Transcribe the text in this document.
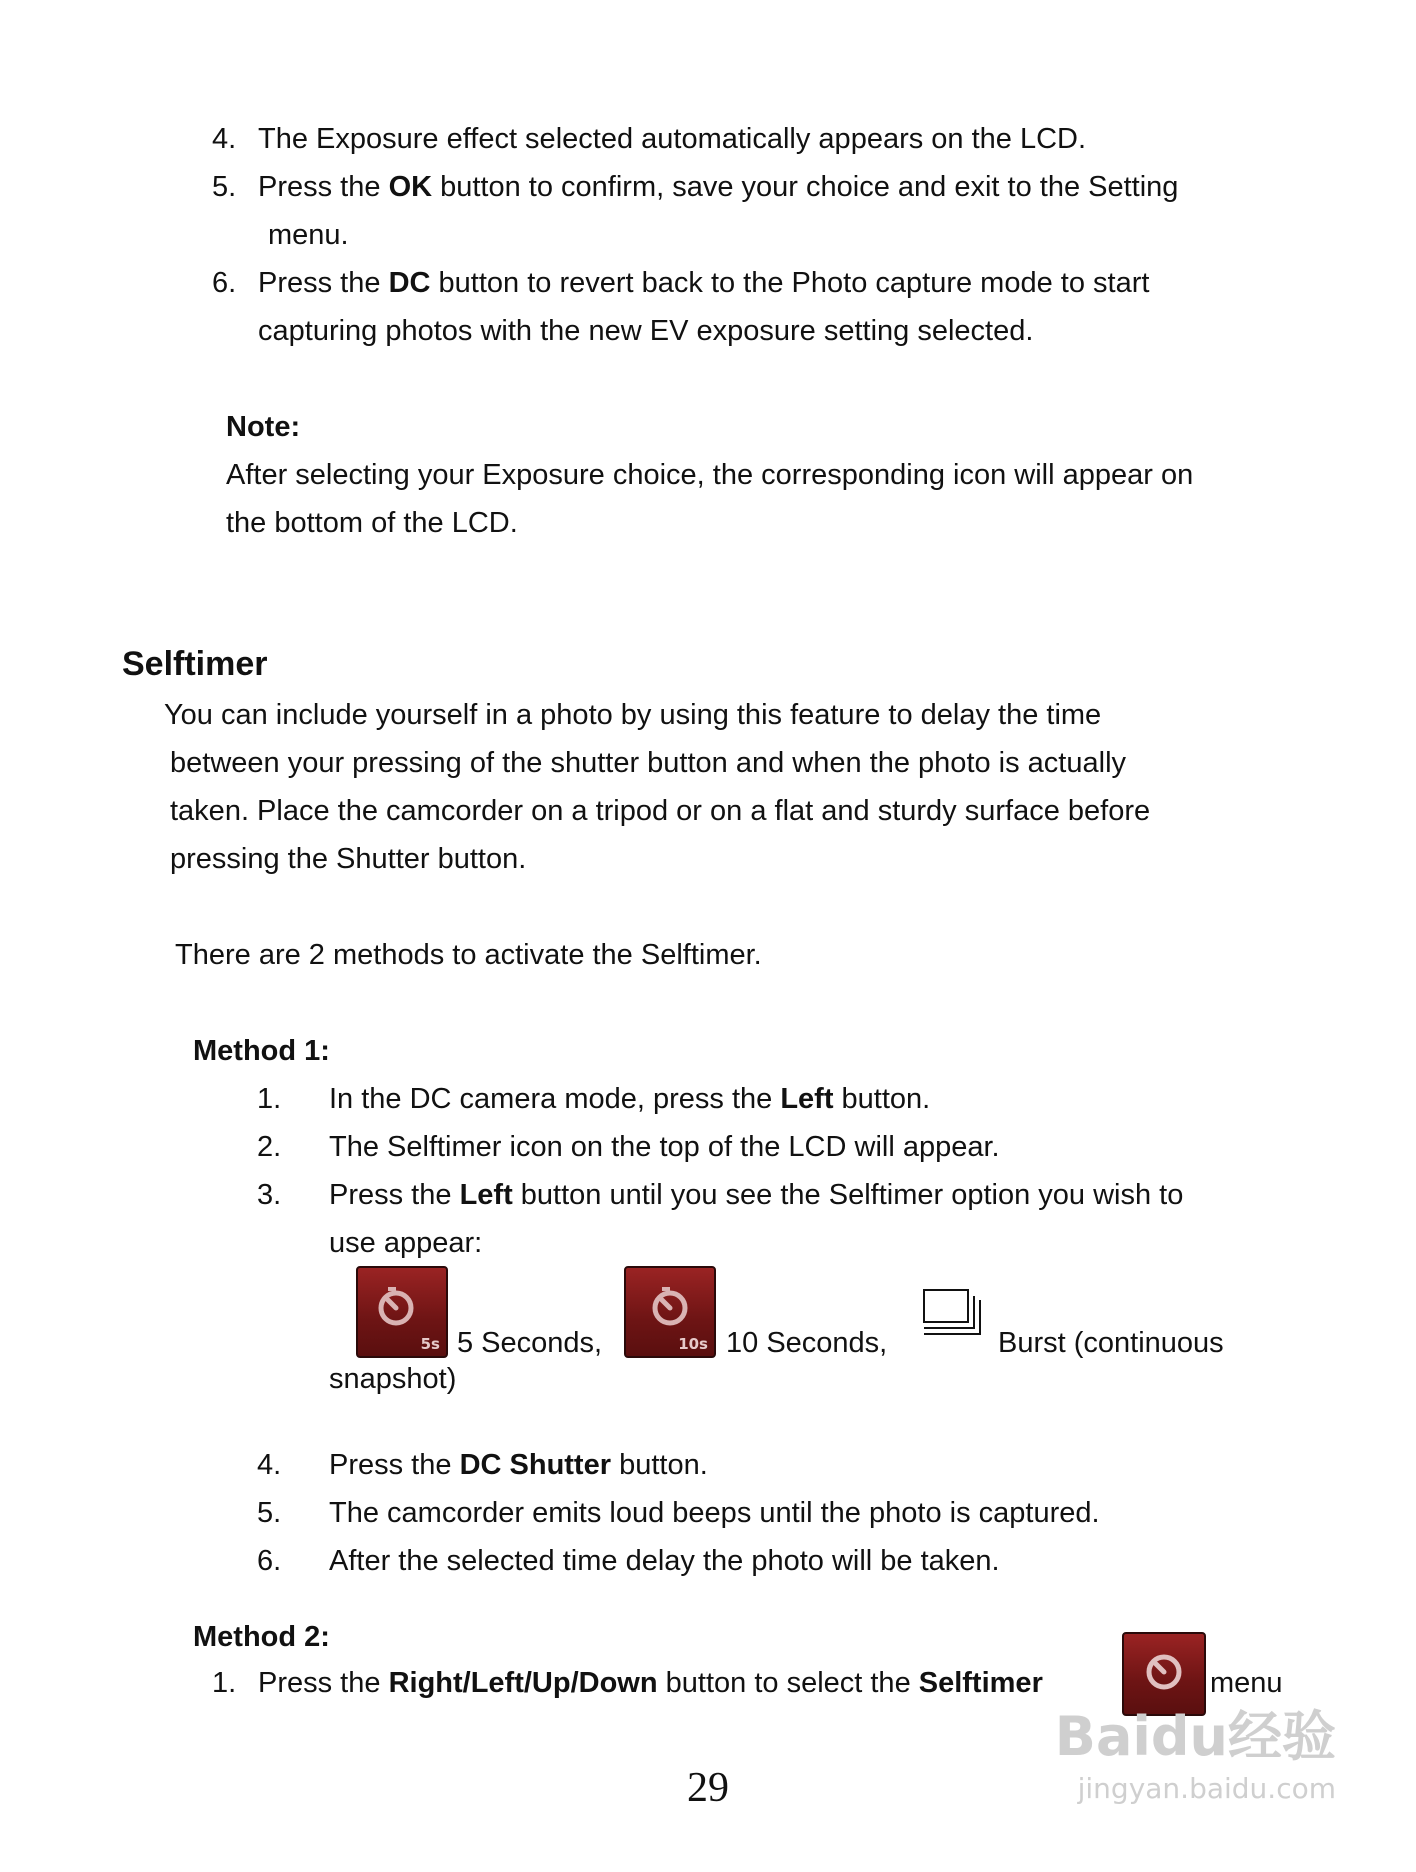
4. The Exposure effect selected automatically appears on the LCD.
5. Press the OK button to confirm, save your choice and exit to the Setting
menu.
6. Press the DC button to revert back to the Photo capture mode to start
capturing photos with the new EV exposure setting selected.
Note:
After selecting your Exposure choice, the corresponding icon will appear on
the bottom of the LCD.
Selftimer
You can include yourself in a photo by using this feature to delay the time
between your pressing of the shutter button and when the photo is actually
taken. Place the camcorder on a tripod or on a flat and sturdy surface before
pressing the Shutter button.
There are 2 methods to activate the Selftimer.
Method 1:
1. In the DC camera mode, press the Left button.
2. The Selftimer icon on the top of the LCD will appear.
3. Press the Left button until you see the Selftimer option you wish to
use appear:
5s 5 Seconds,	10s 10 Seconds,	Burst (continuous
snapshot)
4. Press the DC Shutter button.
5. The camcorder emits loud beeps until the photo is captured.
6. After the selected time delay the photo will be taken.
Method 2:
1. Press the Right/Left/Up/Down button to select the Selftimer	menu
29
Baidu经验
jingyan.baidu.com
